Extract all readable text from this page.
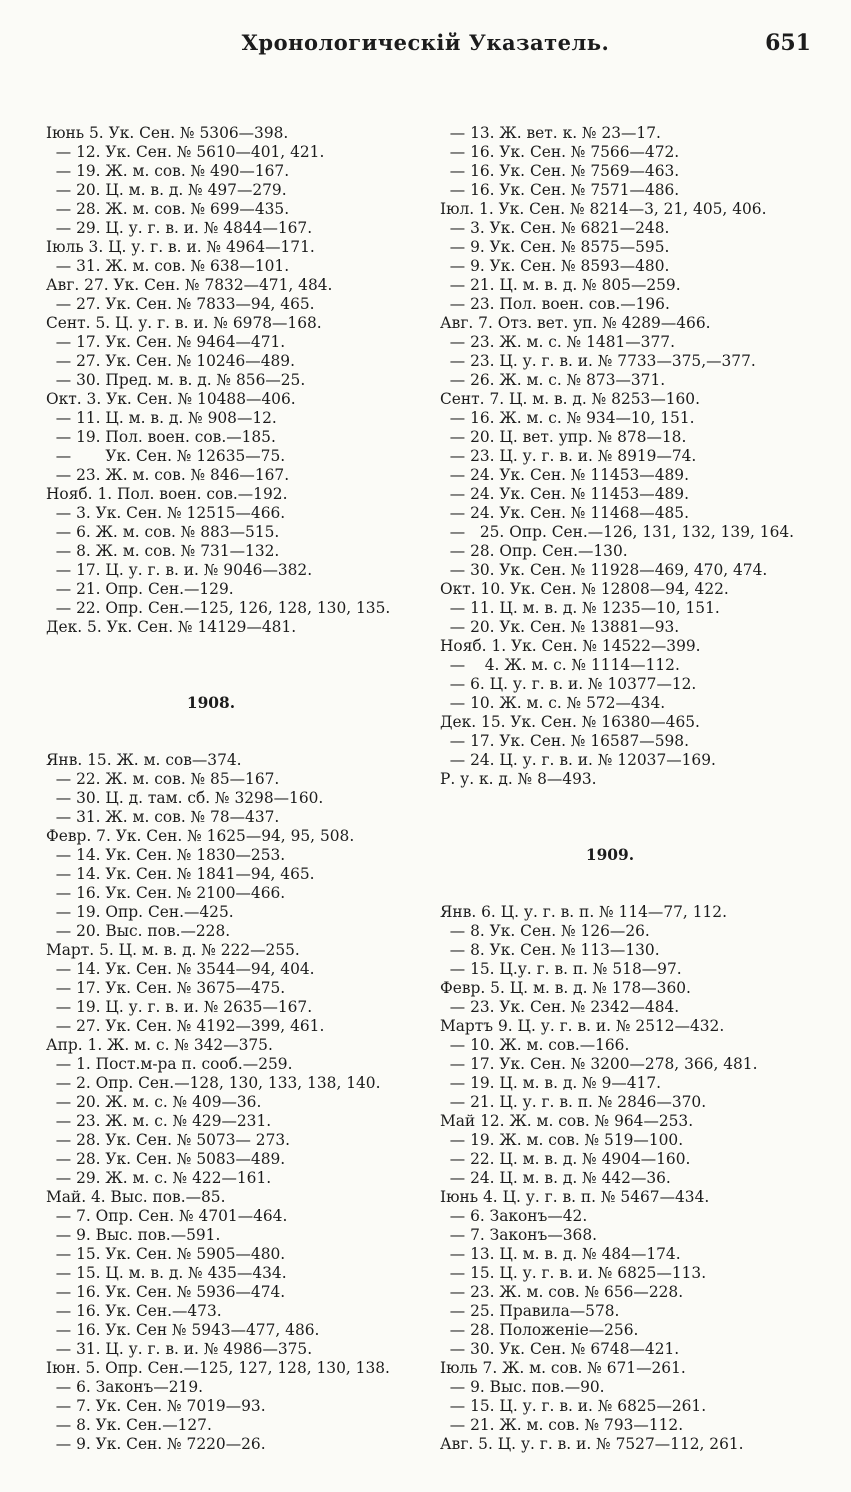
Хронологическій Указатель.	651

Іюнь 5. Ук. Сен. № 5306—398.
— 12. Ук. Сен. № 5610—401, 421.
— 19. Ж. м. сов. № 490—167.
— 20. Ц. м. в. д. № 497—279.
— 28. Ж. м. сов. № 699—435.
— 29. Ц. у. г. в. и. № 4844—167.
Іюль 3. Ц. у. г. в. и. № 4964—171.
— 31. Ж. м. сов. № 638—101.
Авг. 27. Ук. Сен. № 7832—471, 484.
— 27. Ук. Сен. № 7833—94, 465.
Сент. 5. Ц. у. г. в. и. № 6978—168.
— 17. Ук. Сен. № 9464—471.
— 27. Ук. Сен. № 10246—489.
— 30. Пред. м. в. д. № 856—25.
Окт. 3. Ук. Сен. № 10488—406.
— 11. Ц. м. в. д. № 908—12.
— 19. Пол. воен. сов.—185.
—       Ук. Сен. № 12635—75.
— 23. Ж. м. сов. № 846—167.
Нояб. 1. Пол. воен. сов.—192.
— 3. Ук. Сен. № 12515—466.
— 6. Ж. м. сов. № 883—515.
— 8. Ж. м. сов. № 731—132.
— 17. Ц. у. г. в. и. № 9046—382.
— 21. Опр. Сен.—129.
— 22. Опр. Сен.—125, 126, 128, 130, 135.
Дек. 5. Ук. Сен. № 14129—481.

1908.

Янв. 15. Ж. м. сов—374.
— 22. Ж. м. сов. № 85—167.
— 30. Ц. д. там. сб. № 3298—160.
— 31. Ж. м. сов. № 78—437.
Февр. 7. Ук. Сен. № 1625—94, 95, 508.
— 14. Ук. Сен. № 1830—253.
— 14. Ук. Сен. № 1841—94, 465.
— 16. Ук. Сен. № 2100—466.
— 19. Опр. Сен.—425.
— 20. Выс. пов.—228.
Март. 5. Ц. м. в. д. № 222—255.
— 14. Ук. Сен. № 3544—94, 404.
— 17. Ук. Сен. № 3675—475.
— 19. Ц. у. г. в. и. № 2635—167.
— 27. Ук. Сен. № 4192—399, 461.
Апр. 1. Ж. м. с. № 342—375.
— 1. Пост.м-ра п. сооб.—259.
— 2. Опр. Сен.—128, 130, 133, 138, 140.
— 20. Ж. м. с. № 409—36.
— 23. Ж. м. с. № 429—231.
— 28. Ук. Сен. № 5073— 273.
— 28. Ук. Сен. № 5083—489.
— 29. Ж. м. с. № 422—161.
Май. 4. Выс. пов.—85.
— 7. Опр. Сен. № 4701—464.
— 9. Выс. пов.—591.
— 15. Ук. Сен. № 5905—480.
— 15. Ц. м. в. д. № 435—434.
— 16. Ук. Сен. № 5936—474.
— 16. Ук. Сен.—473.
— 16. Ук. Сен № 5943—477, 486.
— 31. Ц. у. г. в. и. № 4986—375.
Іюн. 5. Опр. Сен.—125, 127, 128, 130, 138.
— 6. Законъ—219.
— 7. Ук. Сен. № 7019—93.
— 8. Ук. Сен.—127.
— 9. Ук. Сен. № 7220—26.

— 13. Ж. вет. к. № 23—17.
— 16. Ук. Сен. № 7566—472.
— 16. Ук. Сен. № 7569—463.
— 16. Ук. Сен. № 7571—486.
Іюл. 1. Ук. Сен. № 8214—3, 21, 405, 406.
— 3. Ук. Сен. № 6821—248.
— 9. Ук. Сен. № 8575—595.
— 9. Ук. Сен. № 8593—480.
— 21. Ц. м. в. д. № 805—259.
— 23. Пол. воен. сов.—196.
Авг. 7. Отз. вет. уп. № 4289—466.
— 23. Ж. м. с. № 1481—377.
— 23. Ц. у. г. в. и. № 7733—375,—377.
— 26. Ж. м. с. № 873—371.
Сент. 7. Ц. м. в. д. № 8253—160.
— 16. Ж. м. с. № 934—10, 151.
— 20. Ц. вет. упр. № 878—18.
— 23. Ц. у. г. в. и. № 8919—74.
— 24. Ук. Сен. № 11453—489.
— 24. Ук. Сен. № 11453—489.
— 24. Ук. Сен. № 11468—485.
—   25. Опр. Сен.—126, 131, 132, 139, 164.
— 28. Опр. Сен.—130.
— 30. Ук. Сен. № 11928—469, 470, 474.
Окт. 10. Ук. Сен. № 12808—94, 422.
— 11. Ц. м. в. д. № 1235—10, 151.
— 20. Ук. Сен. № 13881—93.
Нояб. 1. Ук. Сен. № 14522—399.
—    4. Ж. м. с. № 1114—112.
— 6. Ц. у. г. в. и. № 10377—12.
— 10. Ж. м. с. № 572—434.
Дек. 15. Ук. Сен. № 16380—465.
— 17. Ук. Сен. № 16587—598.
— 24. Ц. у. г. в. и. № 12037—169.
Р. у. к. д. № 8—493.

1909.

Янв. 6. Ц. у. г. в. п. № 114—77, 112.
— 8. Ук. Сен. № 126—26.
— 8. Ук. Сен. № 113—130.
— 15. Ц.у. г. в. п. № 518—97.
Февр. 5. Ц. м. в. д. № 178—360.
— 23. Ук. Сен. № 2342—484.
Мартъ 9. Ц. у. г. в. и. № 2512—432.
— 10. Ж. м. сов.—166.
— 17. Ук. Сен. № 3200—278, 366, 481.
— 19. Ц. м. в. д. № 9—417.
— 21. Ц. у. г. в. п. № 2846—370.
Май 12. Ж. м. сов. № 964—253.
— 19. Ж. м. сов. № 519—100.
— 22. Ц. м. в. д. № 4904—160.
— 24. Ц. м. в. д. № 442—36.
Іюнь 4. Ц. у. г. в. п. № 5467—434.
— 6. Законъ—42.
— 7. Законъ—368.
— 13. Ц. м. в. д. № 484—174.
— 15. Ц. у. г. в. и. № 6825—113.
— 23. Ж. м. сов. № 656—228.
— 25. Правила—578.
— 28. Положеніе—256.
— 30. Ук. Сен. № 6748—421.
Іюль 7. Ж. м. сов. № 671—261.
— 9. Выс. пов.—90.
— 15. Ц. у. г. в. и. № 6825—261.
— 21. Ж. м. сов. № 793—112.
Авг. 5. Ц. у. г. в. и. № 7527—112, 261.
